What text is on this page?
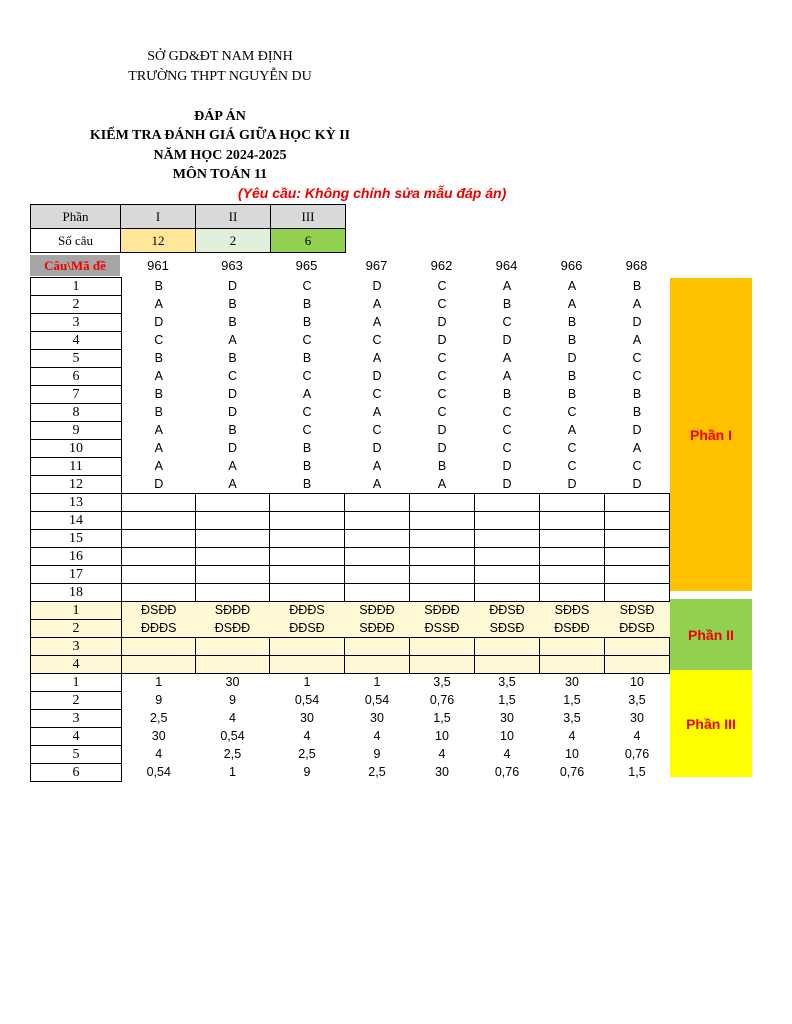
SỞ GD&ĐT NAM ĐỊNH
TRƯỜNG THPT NGUYỄN DU
ĐÁP ÁN
KIỂM TRA ĐÁNH GIÁ GIỮA HỌC KỲ II
NĂM HỌC 2024-2025
MÔN TOÁN 11
(Yêu cầu: Không chỉnh sửa mẫu đáp án)
Phần	I	II	III
Số câu	12	2	6
Câu\Mã đề	961	963	965	967	962	964	966	968
1	B	D	C	D	C	A	A	B
2	A	B	B	A	C	B	A	A
3	D	B	B	A	D	C	B	D
4	C	A	C	C	D	D	B	A
5	B	B	B	A	C	A	D	C
6	A	C	C	D	C	A	B	C
7	B	D	A	C	C	B	B	B
8	B	D	C	A	C	C	C	B
9	A	B	C	C	D	C	A	D
10	A	D	B	D	D	C	C	A
11	A	A	B	A	B	D	C	C
12	D	A	B	A	A	D	D	D
13								
14								
15								
16								
17								
18								
1	ĐSĐĐ	SĐĐĐ	ĐĐĐS	SĐĐĐ	SĐĐĐ	ĐĐSĐ	SĐĐS	SĐSĐ
2	ĐĐĐS	ĐSĐĐ	ĐĐSĐ	SĐĐĐ	ĐSSĐ	SĐSĐ	ĐSĐĐ	ĐĐSĐ
3								
4								
1	1	30	1	1	3,5	3,5	30	10
2	9	9	0,54	0,54	0,76	1,5	1,5	3,5
3	2,5	4	30	30	1,5	30	3,5	30
4	30	0,54	4	4	10	10	4	4
5	4	2,5	2,5	9	4	4	10	0,76
6	0,54	1	9	2,5	30	0,76	0,76	1,5
Phần I
Phần II
Phần III
